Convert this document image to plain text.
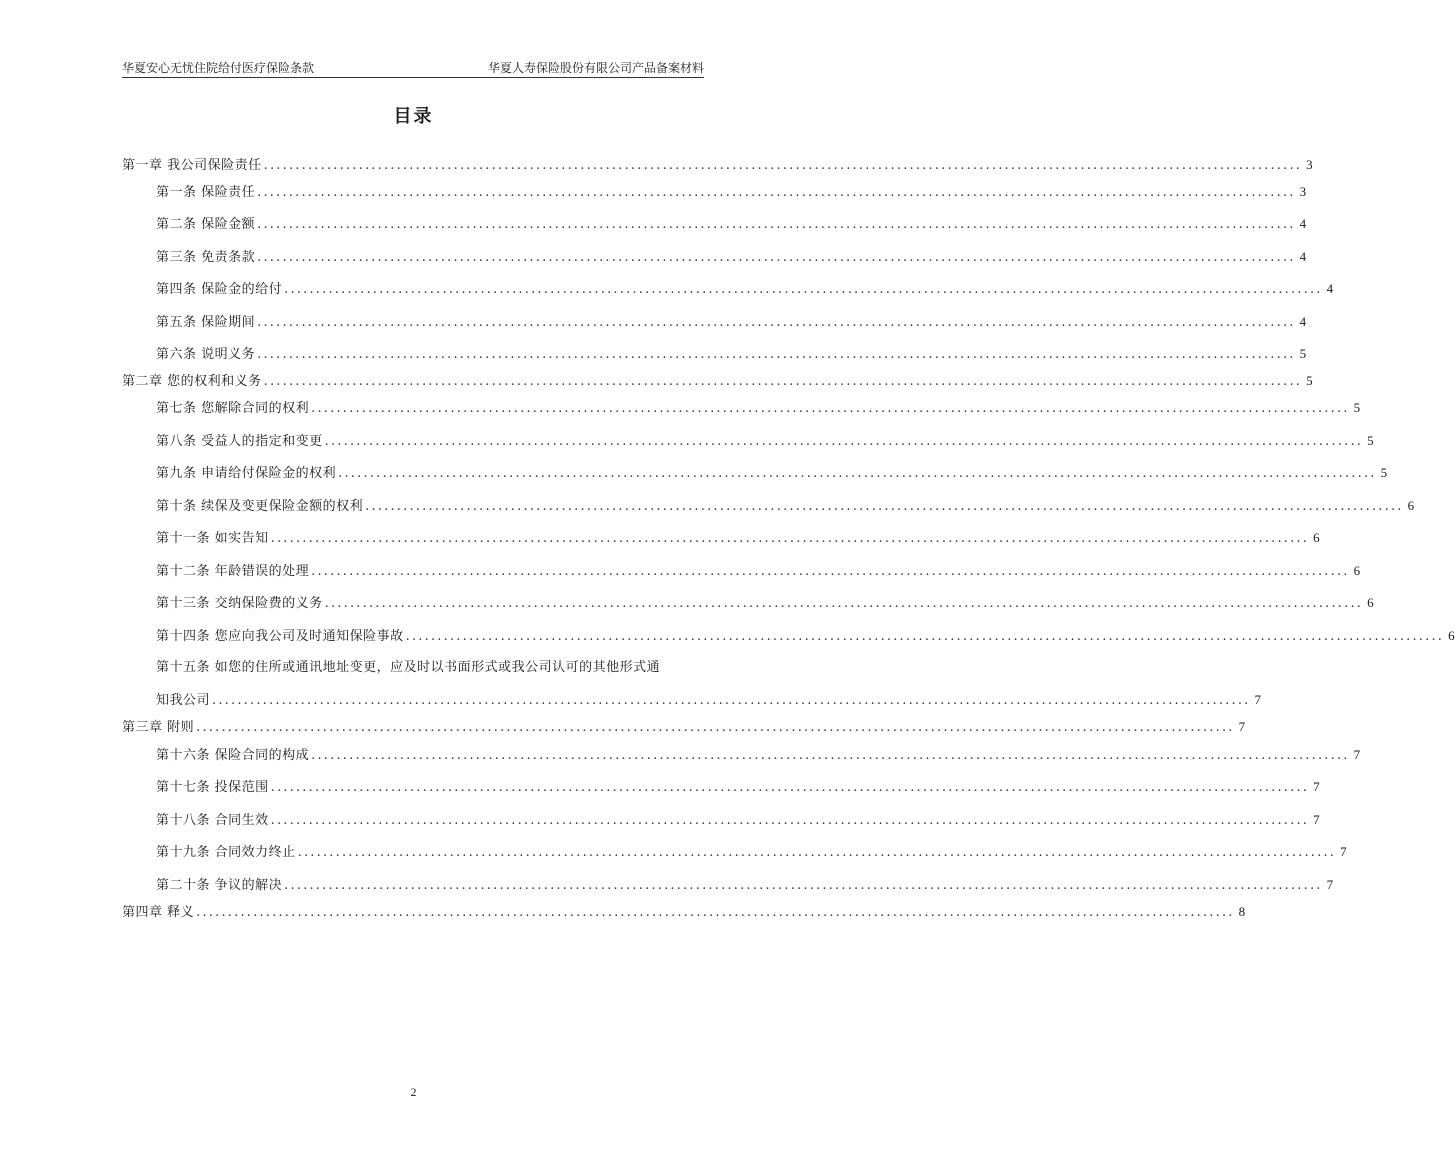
华夏安心无忧住院给付医疗保险条款	华夏人寿保险股份有限公司产品备案材料
目录
第一章 我公司保险责任 .................................................................................................................................................................... 3
第一条 保险责任 .................................................................................................................................................................... 3
第二条 保险金额 .................................................................................................................................................................... 4
第三条 免责条款 .................................................................................................................................................................... 4
第四条 保险金的给付 .................................................................................................................................................................... 4
第五条 保险期间 .................................................................................................................................................................... 4
第六条 说明义务 .................................................................................................................................................................... 5
第二章 您的权利和义务 .................................................................................................................................................................... 5
第七条 您解除合同的权利 .................................................................................................................................................................... 5
第八条 受益人的指定和变更 .................................................................................................................................................................... 5
第九条 申请给付保险金的权利 .................................................................................................................................................................... 5
第十条 续保及变更保险金额的权利 .................................................................................................................................................................... 6
第十一条 如实告知 .................................................................................................................................................................... 6
第十二条 年龄错误的处理 .................................................................................................................................................................... 6
第十三条 交纳保险费的义务 .................................................................................................................................................................... 6
第十四条 您应向我公司及时通知保险事故 .................................................................................................................................................................... 6
第十五条 如您的住所或通讯地址变更，应及时以书面形式或我公司认可的其他形式通
知我公司 .................................................................................................................................................................... 7
第三章 附则 .................................................................................................................................................................... 7
第十六条 保险合同的构成 .................................................................................................................................................................... 7
第十七条 投保范围 .................................................................................................................................................................... 7
第十八条 合同生效 .................................................................................................................................................................... 7
第十九条 合同效力终止 .................................................................................................................................................................... 7
第二十条 争议的解决 .................................................................................................................................................................... 7
第四章 释义 .................................................................................................................................................................... 8
2
